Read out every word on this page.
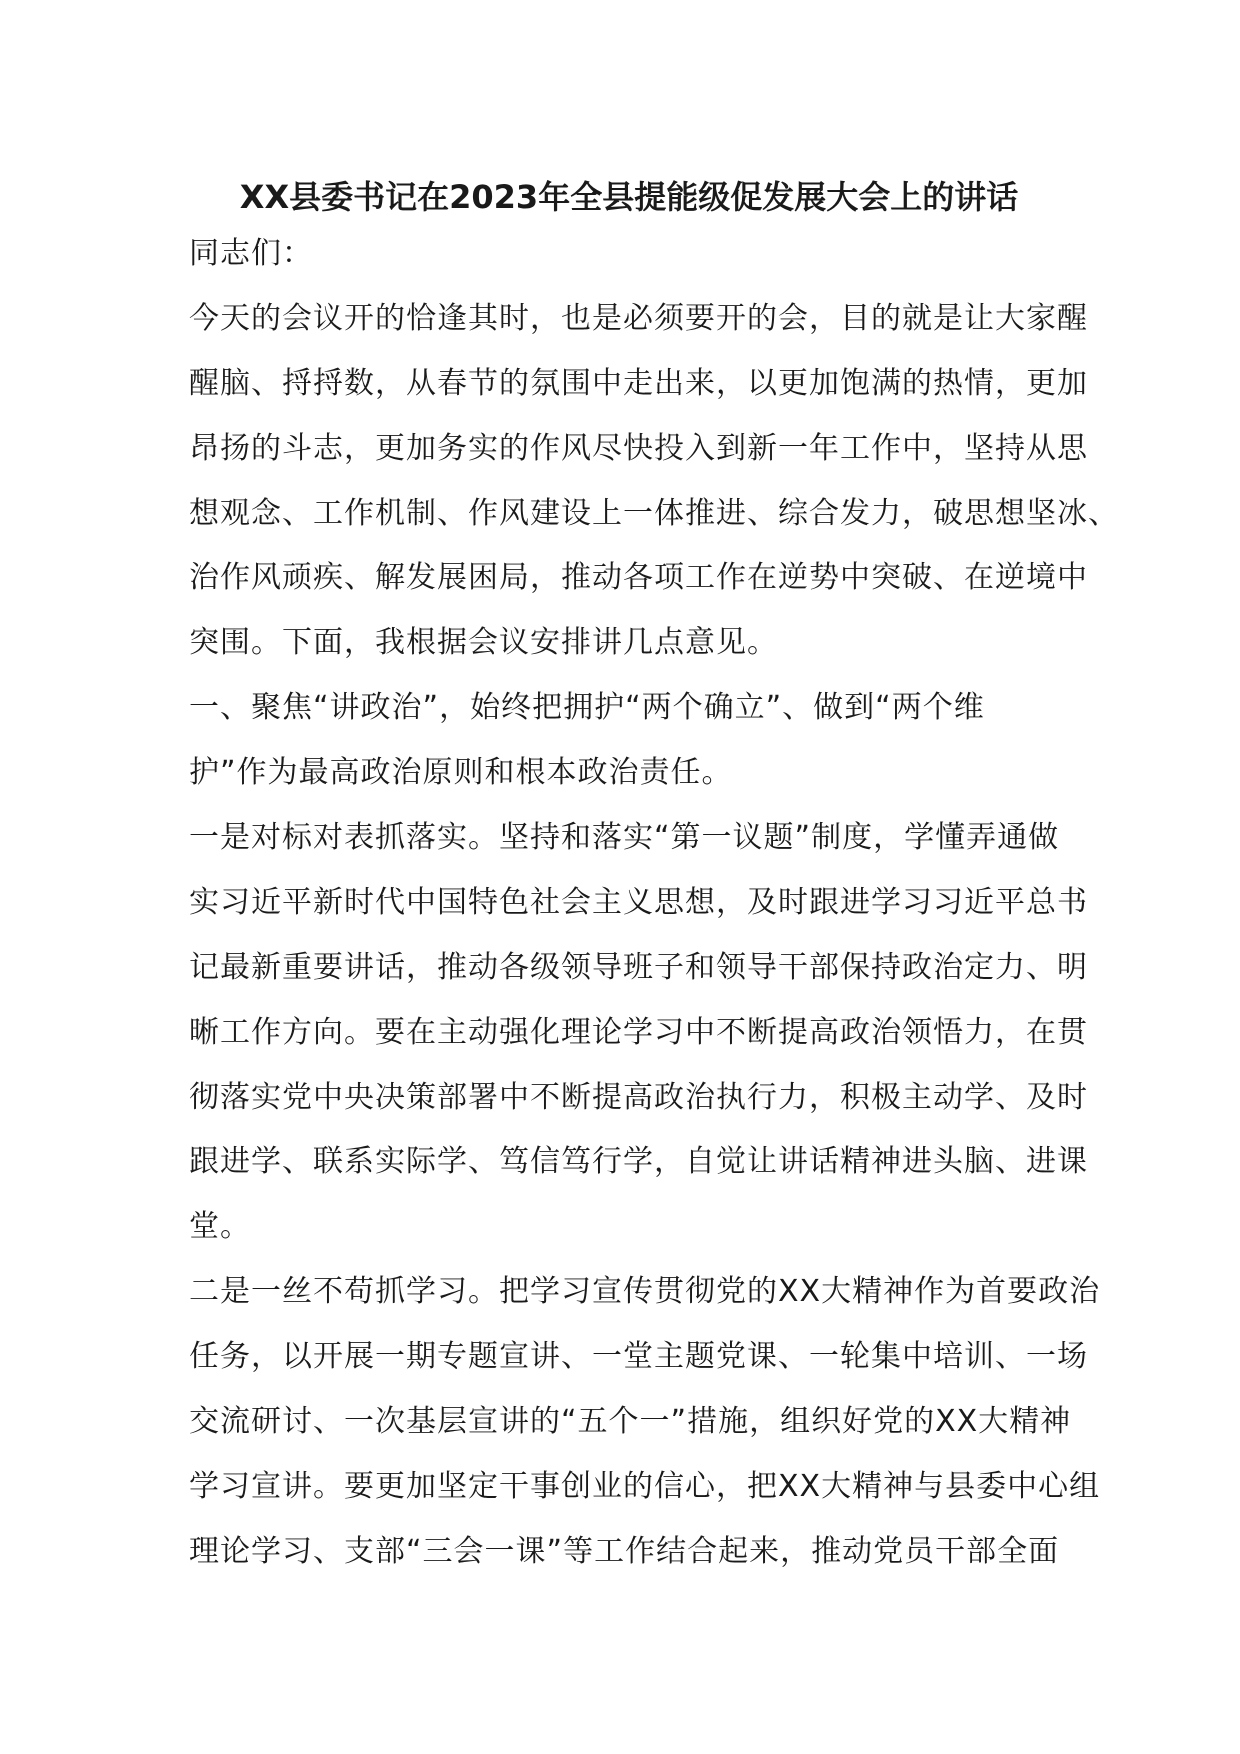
XX县委书记在2023年全县提能级促发展大会上的讲话
同志们：
今天的会议开的恰逢其时，也是必须要开的会，目的就是让大家醒
醒脑、捋捋数，从春节的氛围中走出来，以更加饱满的热情，更加
昂扬的斗志，更加务实的作风尽快投入到新一年工作中，坚持从思
想观念、工作机制、作风建设上一体推进、综合发力，破思想坚冰、
治作风顽疾、解发展困局，推动各项工作在逆势中突破、在逆境中
突围。下面，我根据会议安排讲几点意见。
一、聚焦“讲政治”，始终把拥护“两个确立”、做到“两个维
护”作为最高政治原则和根本政治责任。
一是对标对表抓落实。坚持和落实“第一议题”制度，学懂弄通做
实习近平新时代中国特色社会主义思想，及时跟进学习习近平总书
记最新重要讲话，推动各级领导班子和领导干部保持政治定力、明
晰工作方向。要在主动强化理论学习中不断提高政治领悟力，在贯
彻落实党中央决策部署中不断提高政治执行力，积极主动学、及时
跟进学、联系实际学、笃信笃行学，自觉让讲话精神进头脑、进课
堂。
二是一丝不苟抓学习。把学习宣传贯彻党的XX大精神作为首要政治
任务，以开展一期专题宣讲、一堂主题党课、一轮集中培训、一场
交流研讨、一次基层宣讲的“五个一”措施，组织好党的XX大精神
学习宣讲。要更加坚定干事创业的信心，把XX大精神与县委中心组
理论学习、支部“三会一课”等工作结合起来，推动党员干部全面
